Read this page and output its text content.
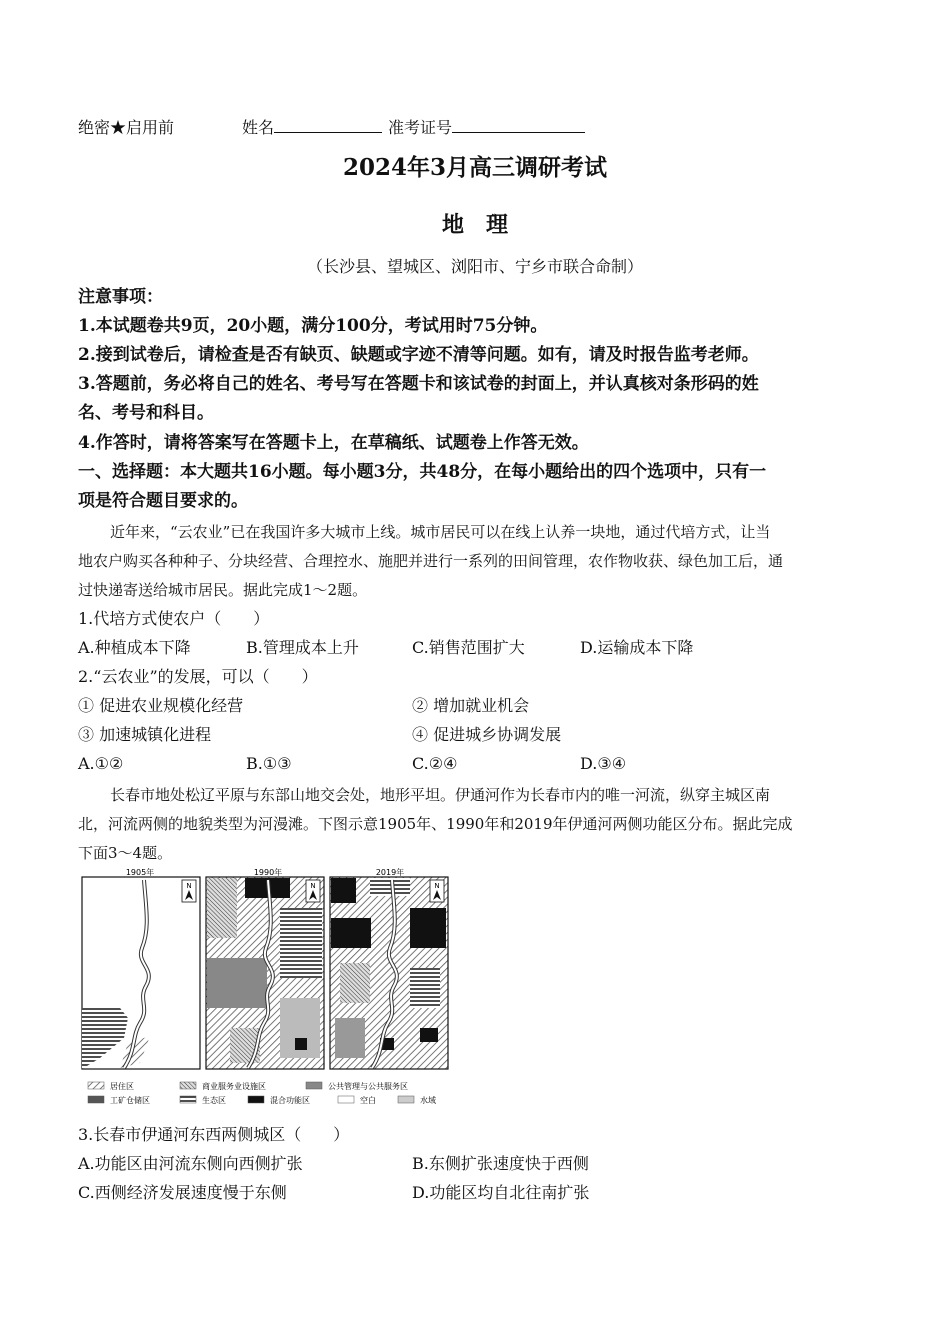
绝密★启用前	姓名	准考证号
2024年3月高三调研考试
地　理
（长沙县、望城区、浏阳市、宁乡市联合命制）
注意事项：
1.本试题卷共9页，20小题，满分100分，考试用时75分钟。
2.接到试卷后，请检查是否有缺页、缺题或字迹不清等问题。如有，请及时报告监考老师。
3.答题前，务必将自己的姓名、考号写在答题卡和该试卷的封面上，并认真核对条形码的姓
名、考号和科目。
4.作答时，请将答案写在答题卡上，在草稿纸、试题卷上作答无效。
一、选择题：本大题共16小题。每小题3分，共48分，在每小题给出的四个选项中，只有一
项是符合题目要求的。
近年来，“云农业”已在我国许多大城市上线。城市居民可以在线上认养一块地，通过代培方式，让当
地农户购买各种种子、分块经营、合理控水、施肥并进行一系列的田间管理，农作物收获、绿色加工后，通
过快递寄送给城市居民。据此完成1～2题。
1.代培方式使农户（　　）
A.种植成本下降	B.管理成本上升	C.销售范围扩大	D.运输成本下降
2.“云农业”的发展，可以（　　）
① 促进农业规模化经营	② 增加就业机会
③ 加速城镇化进程	④ 促进城乡协调发展
A.①②	B.①③	C.②④	D.③④
长春市地处松辽平原与东部山地交会处，地形平坦。伊通河作为长春市内的唯一河流，纵穿主城区南
北，河流两侧的地貌类型为河漫滩。下图示意1905年、1990年和2019年伊通河两侧功能区分布。据此完成
下面3～4题。
1905年
N
1990年
N
2019年
N
居住区	商业服务业设施区	公共管理与公共服务区
工矿仓储区	生态区	混合功能区	空白	水域
3.长春市伊通河东西两侧城区（　　）
A.功能区由河流东侧向西侧扩张	B.东侧扩张速度快于西侧
C.西侧经济发展速度慢于东侧	D.功能区均自北往南扩张
